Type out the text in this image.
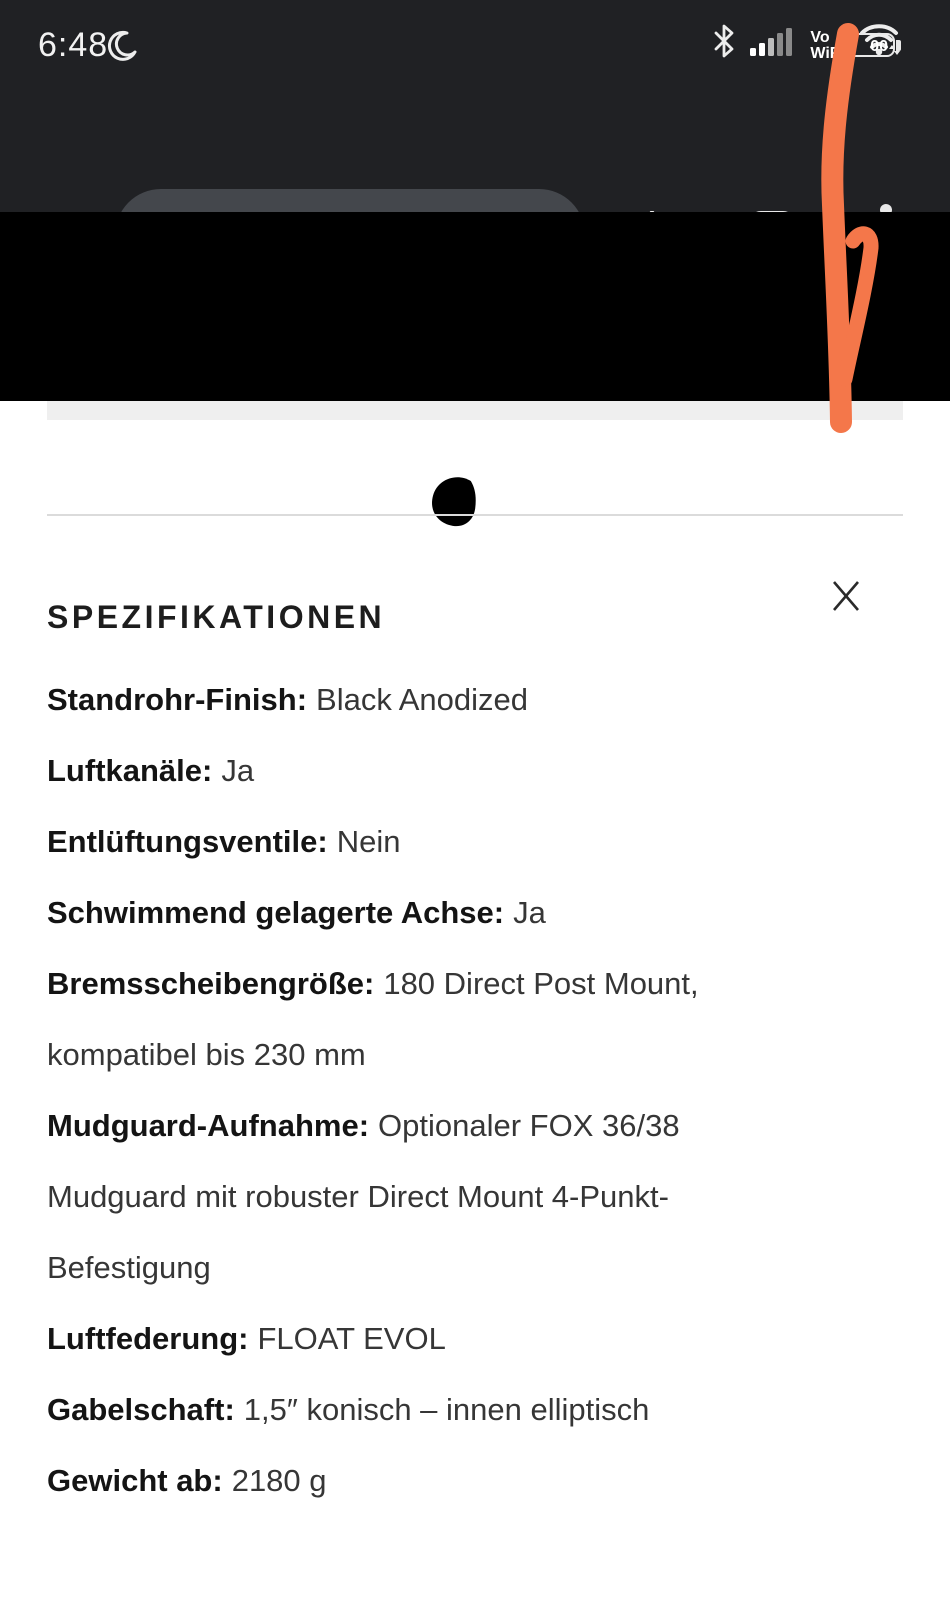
6:48	Vo
WiFi	00
SPEZIFIKATIONEN

Standrohr-Finish: Black Anodized

Luftkanäle: Ja

Entlüftungsventile: Nein

Schwimmend gelagerte Achse: Ja

Bremsscheibengröße: 180 Direct Post Mount, kompatibel bis 230 mm

Mudguard-Aufnahme: Optionaler FOX 36/38 Mudguard mit robuster Direct Mount 4-Punkt-Befestigung

Luftfederung: FLOAT EVOL

Gabelschaft: 1,5″ konisch – innen elliptisch

Gewicht ab: 2180 g
